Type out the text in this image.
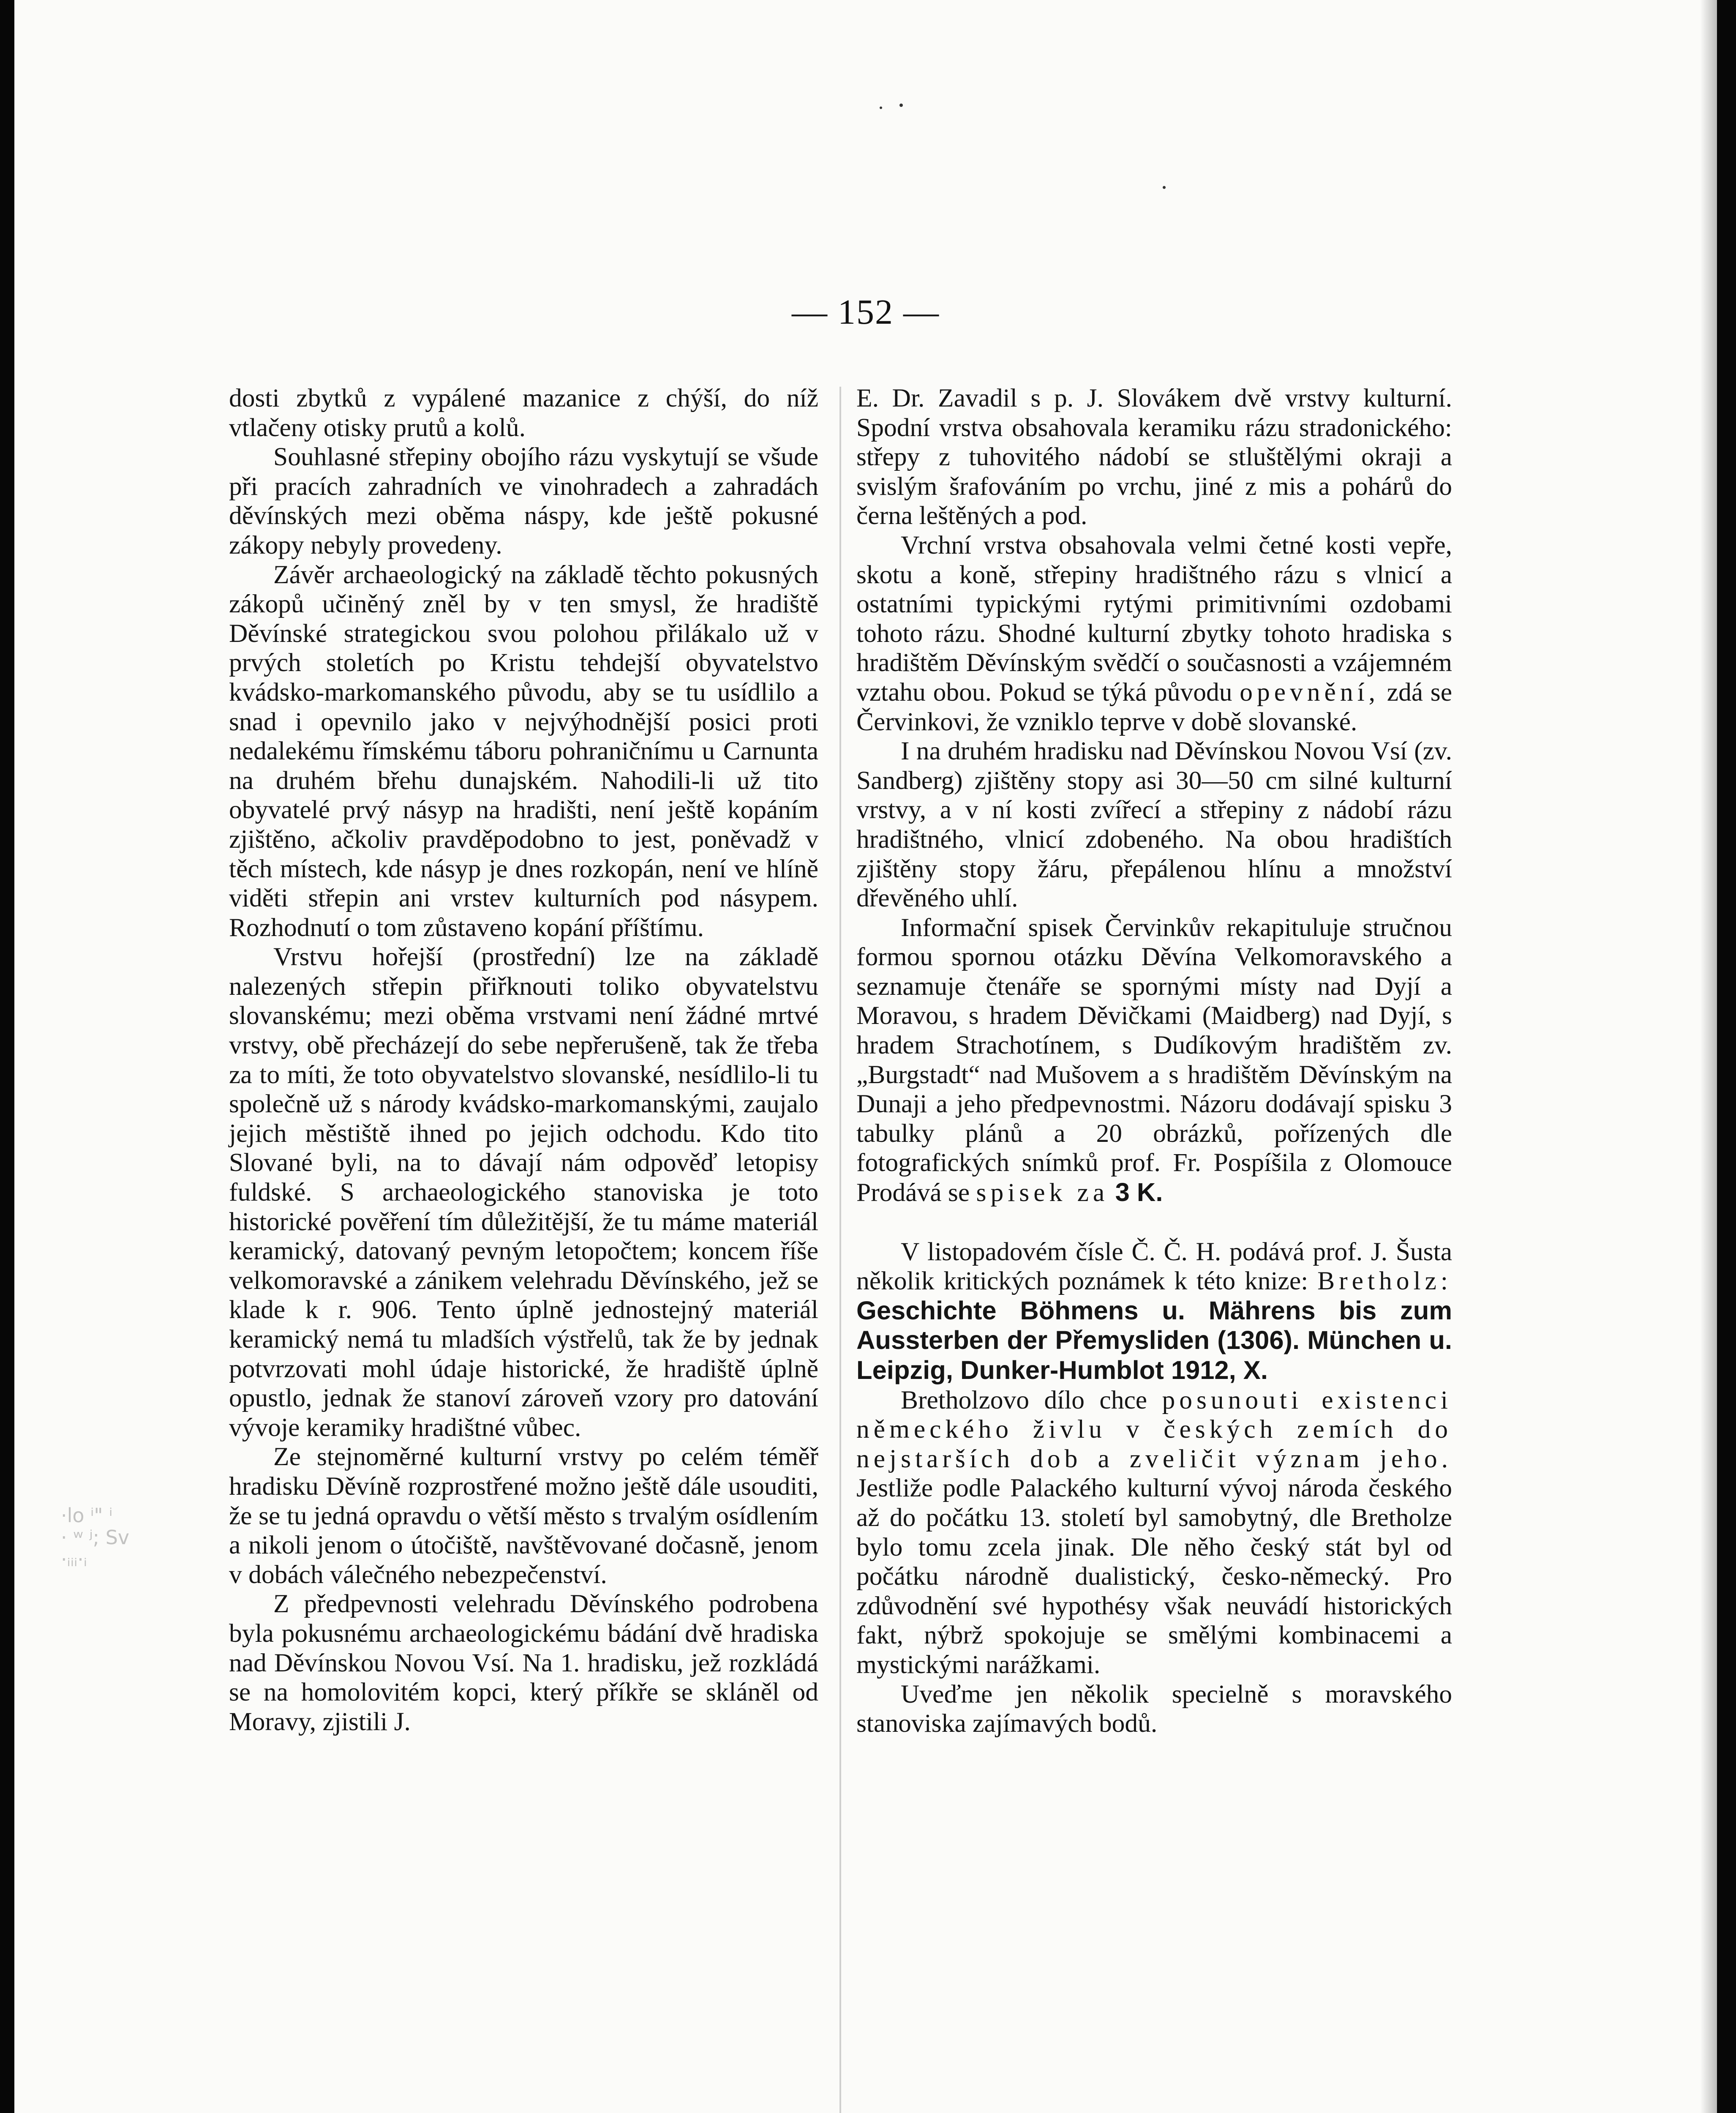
·lo ⁱ" ⁱ
· ʷ ʲ; Sv
·ᵢᵢᵢ·ᵢ
— 152 —

dosti zbytků z vypálené mazanice z chýší, do níž vtlačeny otisky prutů a kolů.

Souhlasné střepiny obojího rázu vyskytují se všude při pracích zahradních ve vinohradech a zahradách děvínských mezi oběma náspy, kde ještě pokusné zákopy nebyly provedeny.

Závěr archaeologický na základě těchto pokusných zákopů učiněný zněl by v ten smysl, že hradiště Děvínské strategickou svou polohou přilákalo už v prvých stoletích po Kristu tehdejší obyvatelstvo kvádsko-markomanského původu, aby se tu usídlilo a snad i opevnilo jako v nejvýhodnější posici proti nedalekému římskému táboru pohraničnímu u Carnunta na druhém břehu dunajském. Nahodili-li už tito obyvatelé prvý násyp na hradišti, není ještě kopáním zjištěno, ačkoliv pravděpodobno to jest, poněvadž v těch místech, kde násyp je dnes rozkopán, není ve hlíně viděti střepin ani vrstev kulturních pod násypem. Rozhodnutí o tom zůstaveno kopání příštímu.

Vrstvu hořejší (prostřední) lze na základě nalezených střepin přiřknouti toliko obyvatelstvu slovanskému; mezi oběma vrstvami není žádné mrtvé vrstvy, obě přecházejí do sebe nepřerušeně, tak že třeba za to míti, že toto obyvatelstvo slovanské, nesídlilo-li tu společně už s národy kvádsko-markomanskými, zaujalo jejich městiště ihned po jejich odchodu. Kdo tito Slované byli, na to dávají nám odpověď letopisy fuldské. S archaeologického stanoviska je toto historické pověření tím důležitější, že tu máme materiál keramický, datovaný pevným letopočtem; koncem říše velkomoravské a zánikem velehradu Děvínského, jež se klade k r. 906. Tento úplně jednostejný materiál keramický nemá tu mladších výstřelů, tak že by jednak potvrzovati mohl údaje historické, že hradiště úplně opustlo, jednak že stanoví zároveň vzory pro datování vývoje keramiky hradištné vůbec.

Ze stejnoměrné kulturní vrstvy po celém téměř hradisku Děvíně rozprostřené možno ještě dále usouditi, že se tu jedná opravdu o větší město s trvalým osídlením a nikoli jenom o útočiště, navštěvované dočasně, jenom v dobách válečného nebezpečenství.

Z předpevnosti velehradu Děvínského podrobena byla pokusnému archaeologickému bádání dvě hradiska nad Děvínskou Novou Vsí. Na 1. hradisku, jež rozkládá se na homolovitém kopci, který příkře se skláněl od Moravy, zjistili J.

E. Dr. Zavadil s p. J. Slovákem dvě vrstvy kulturní. Spodní vrstva obsahovala keramiku rázu stradonického: střepy z tuhovitého nádobí se stluštělými okraji a svislým šrafováním po vrchu, jiné z mis a pohárů do černa leštěných a pod.

Vrchní vrstva obsahovala velmi četné kosti vepře, skotu a koně, střepiny hradištného rázu s vlnicí a ostatními typickými rytými primitivními ozdobami tohoto rázu. Shodné kulturní zbytky tohoto hradiska s hradištěm Děvínským svědčí o současnosti a vzájemném vztahu obou. Pokud se týká původu opevnění, zdá se Červinkovi, že vzniklo teprve v době slovanské.

I na druhém hradisku nad Děvínskou Novou Vsí (zv. Sandberg) zjištěny stopy asi 30—50 cm silné kulturní vrstvy, a v ní kosti zvířecí a střepiny z nádobí rázu hradištného, vlnicí zdobeného. Na obou hradištích zjištěny stopy žáru, přepálenou hlínu a množství dřevěného uhlí.

Informační spisek Červinkův rekapituluje stručnou formou spornou otázku Děvína Velkomoravského a seznamuje čtenáře se spornými místy nad Dyjí a Moravou, s hradem Děvičkami (Maidberg) nad Dyjí, s hradem Strachotínem, s Dudíkovým hradištěm zv. „Burgstadt“ nad Mušovem a s hradištěm Děvínským na Dunaji a jeho předpevnostmi. Názoru dodávají spisku 3 tabulky plánů a 20 obrázků, pořízených dle fotografických snímků prof. Fr. Pospíšila z Olomouce Prodává se spisek za 3 K.

V listopadovém čísle Č. Č. H. podává prof. J. Šusta několik kritických poznámek k této knize: Bretholz: Geschichte Böhmens u. Mährens bis zum Aussterben der Přemysliden (1306). München u. Leipzig, Dunker-Humblot 1912, X.

Bretholzovo dílo chce posunouti existenci německého živlu v českých zemích do nejstarších dob a zveličit význam jeho. Jestliže podle Palackého kulturní vývoj národa českého až do počátku 13. století byl samobytný, dle Bretholze bylo tomu zcela jinak. Dle něho český stát byl od počátku národně dualistický, česko-německý. Pro zdůvodnění své hypothésy však neuvádí historických fakt, nýbrž spokojuje se smělými kombinacemi a mystickými narážkami.

Uveďme jen několik specielně s moravského stanoviska zajímavých bodů.
